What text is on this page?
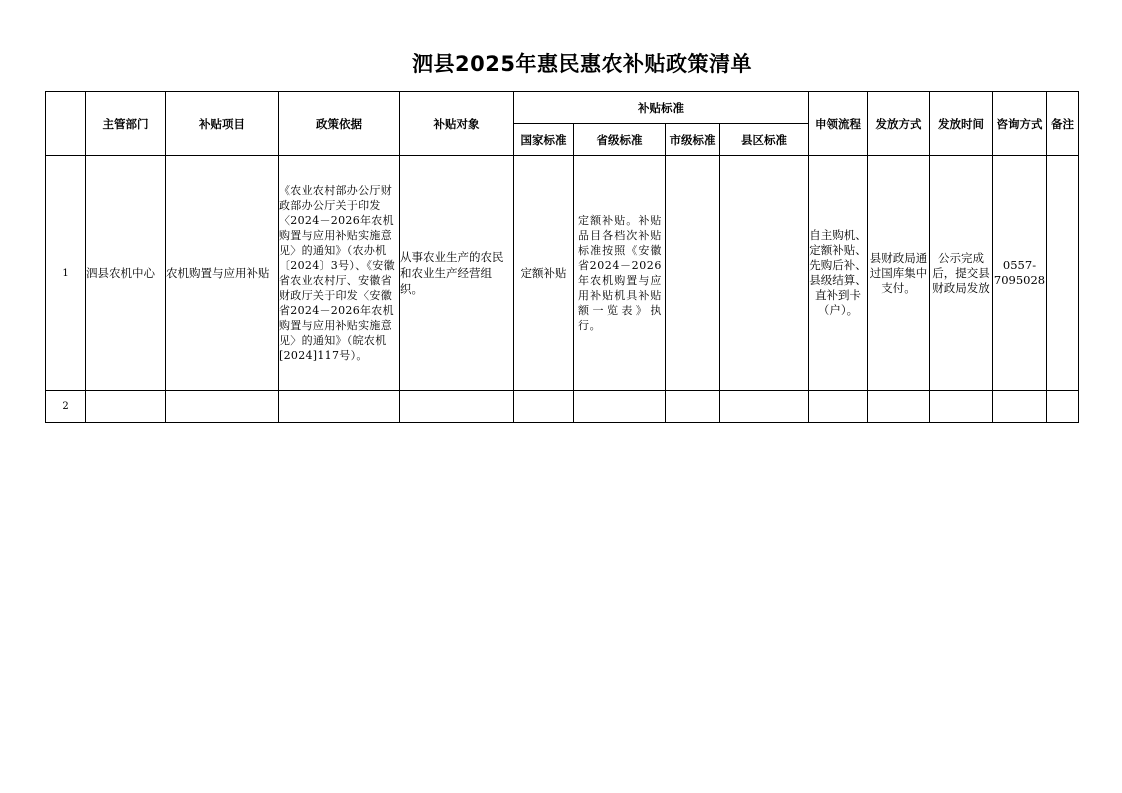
泗县2025年惠民惠农补贴政策清单
	主管部门	补贴项目	政策依据	补贴对象	补贴标准				申领流程	发放方式	发放时间	咨询方式	备注
					国家标准	省级标准	市级标准	县区标准					
1	泗县农机中心	农机购置与应用补贴	《农业农村部办公厅财政部办公厅关于印发〈2024－2026年农机购置与应用补贴实施意见〉的通知》（农办机〔2024〕3号）、《安徽省农业农村厅、安徽省财政厅关于印发〈安徽省2024－2026年农机购置与应用补贴实施意见〉的通知》（皖农机[2024]117号）。	从事农业生产的农民和农业生产经营组织。	定额补贴	定额补贴。补贴品目各档次补贴标准按照《安徽省2024－2026年农机购置与应用补贴机具补贴额一览表》执行。			自主购机、定额补贴、先购后补、县级结算、直补到卡（户）。	县财政局通过国库集中支付。	公示完成后，提交县财政局发放	0557-7095028	
2													
